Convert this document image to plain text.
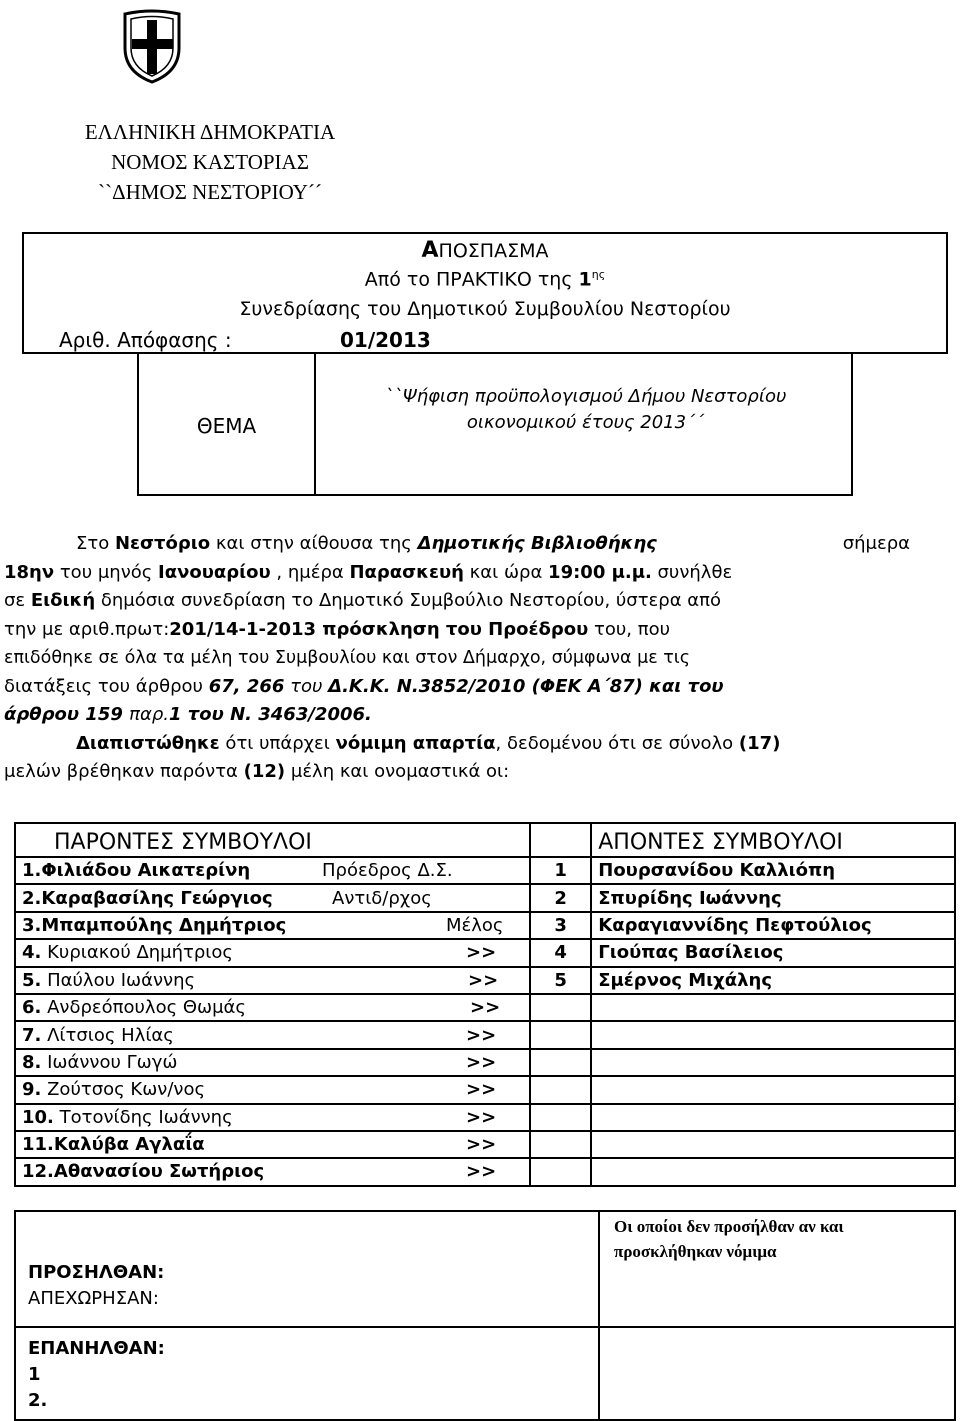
ΕΛΛΗΝΙΚΗ ΔΗΜΟΚΡΑΤΙΑ
ΝΟΜΟΣ ΚΑΣΤΟΡΙΑΣ
``ΔΗΜΟΣ ΝΕΣΤΟΡΙΟΥ´´
ΑΠΟΣΠΑΣΜΑ
Από το ΠΡΑΚΤΙΚΟ της $1^{\eta\varsigma}$
Συνεδρίασης του Δημοτικού Συμβουλίου Νεστορίου
Αριθ. Απόφασης :	01/2013
ΘΕΜΑ
``Ψήφιση προϋπολογισμού Δήμου Νεστορίου
οικονομικού έτους 2013´´
Στο Νεστόριο και στην αίθουσα της Δημοτικής Βιβλιοθήκης	σήμερα
18ην του μηνός Ιανουαρίου , ημέρα Παρασκευή και ώρα 19:00 μ.μ. συνήλθε
σε Ειδική δημόσια συνεδρίαση το Δημοτικό Συμβούλιο Νεστορίου, ύστερα από
την με αριθ.πρωτ:201/14-1-2013 πρόσκληση του Προέδρου του, που
επιδόθηκε σε όλα τα μέλη του Συμβουλίου και στον Δήμαρχο, σύμφωνα με τις
διατάξεις του άρθρου 67, 266 του Δ.Κ.Κ. Ν.3852/2010 (ΦΕΚ Α΄87) και του
άρθρου 159 παρ.1 του Ν. 3463/2006.
Διαπιστώθηκε ότι υπάρχει νόμιμη απαρτία, δεδομένου ότι σε σύνολο (17)
μελών βρέθηκαν παρόντα (12) μέλη και ονομαστικά οι:
ΠΑΡΟΝΤΕΣ ΣΥΜΒΟΥΛΟΙ		ΑΠΟΝΤΕΣ ΣΥΜΒΟΥΛΟΙ

1.Φιλιάδου Αικατερίνη Πρόεδρος Δ.Σ.	1	Πουρσανίδου Καλλιόπη

2.Καραβασίλης Γεώργιος Αντιδ/ρχος	2	Σπυρίδης Ιωάννης

3.Μπαμπούλης Δημήτριος Μέλος	3	Καραγιαννίδης Πεφτούλιος

4. Κυριακού Δημήτριος >>	4	Γιούπας Βασίλειος

5. Παύλου Ιωάννης >>	5	Σμέρνος Μιχάλης

6. Ανδρεόπουλος Θωμάς >>		

7. Λίτσιος Ηλίας >>		

8. Ιωάννου Γωγώ >>		

9. Ζούτσος Κων/νος >>		

10. Τοτονίδης Ιωάννης >>		

11.Καλύβα Αγλαΐα >>		

12.Αθανασίου Σωτήριος >>		

ΠΡΟΣΗΛΘΑΝ:
ΑΠΕΧΩΡΗΣΑΝ:
Οι οποίοι δεν προσήλθαν αν και
προσκλήθηκαν νόμιμα
ΕΠΑΝΗΛΘΑΝ:
1
2.
